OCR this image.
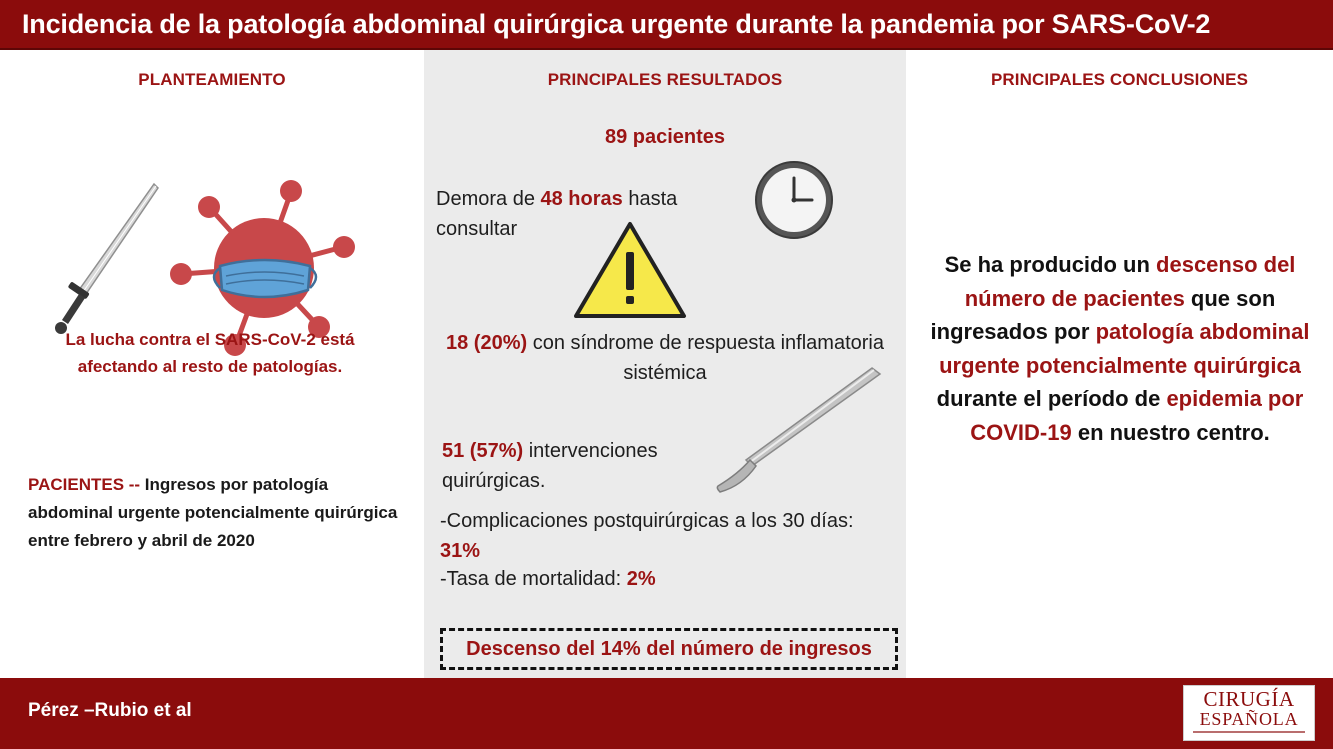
Incidencia de la patología abdominal quirúrgica urgente durante la pandemia por SARS-CoV-2
PLANTEAMIENTO
La lucha contra el SARS-CoV-2 está afectando al resto de patologías.
PACIENTES -- Ingresos por patología abdominal urgente potencialmente quirúrgica entre febrero y abril de 2020
PRINCIPALES RESULTADOS
89 pacientes
Demora de 48 horas hasta consultar
18 (20%) con síndrome de respuesta inflamatoria sistémica
51 (57%) intervenciones quirúrgicas.
-Complicaciones postquirúrgicas a los 30 días: 31%
-Tasa de mortalidad: 2%
Descenso del 14% del número de ingresos
PRINCIPALES CONCLUSIONES
Se ha producido un descenso del número de pacientes que son ingresados por patología abdominal urgente potencialmente quirúrgica durante el período de epidemia por COVID-19 en nuestro centro.
Pérez –Rubio et al	CIRUGÍA
ESPAÑOLA
